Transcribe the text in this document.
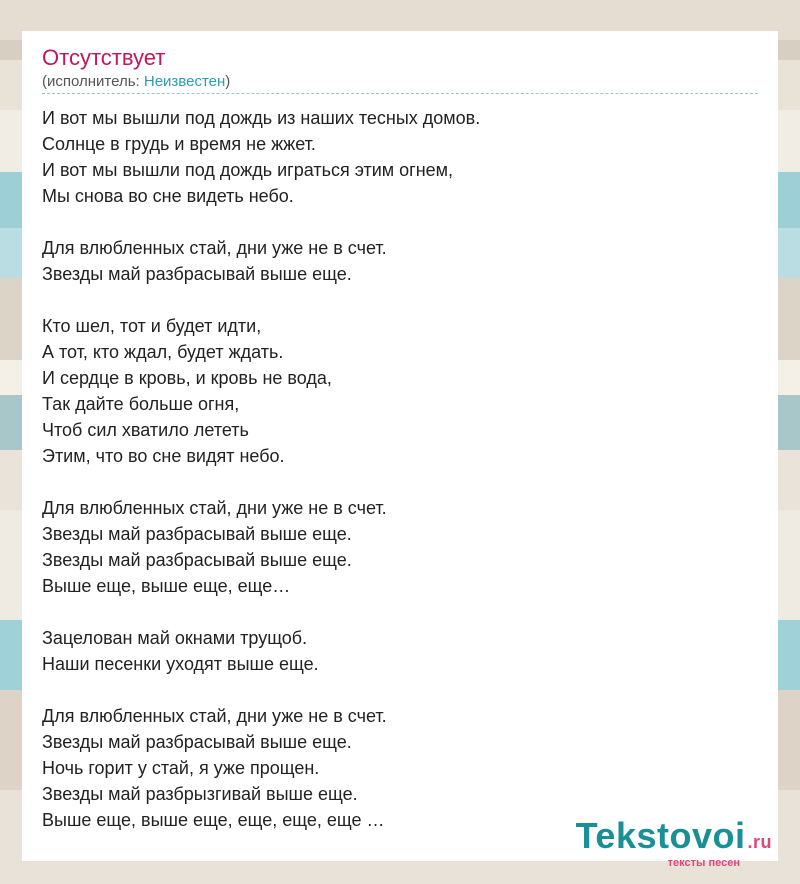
Отсутствует
(исполнитель: Неизвестен)
И вот мы вышли под дождь из наших тесных домов.
Солнце в грудь и время не жжет.
И вот мы вышли под дождь играться этим огнем,
Мы снова во сне видеть небо.
Для влюбленных стай, дни уже не в счет.
Звезды май разбрасывай выше еще.
Кто шел, тот и будет идти,
А тот, кто ждал, будет ждать.
И сердце в кровь, и кровь не вода,
Так дайте больше огня,
Чтоб сил хватило лететь
Этим, что во сне видят небо.
Для влюбленных стай, дни уже не в счет.
Звезды май разбрасывай выше еще.
Звезды май разбрасывай выше еще.
Выше еще, выше еще, еще…
Зацелован май окнами трущоб.
Наши песенки уходят выше еще.
Для влюбленных стай, дни уже не в счет.
Звезды май разбрасывай выше еще.
Ночь горит у стай, я уже прощен.
Звезды май разбрызгивай выше еще.
Выше еще, выше еще, еще, еще, еще …	Tekstovoi .ru
тексты песен
